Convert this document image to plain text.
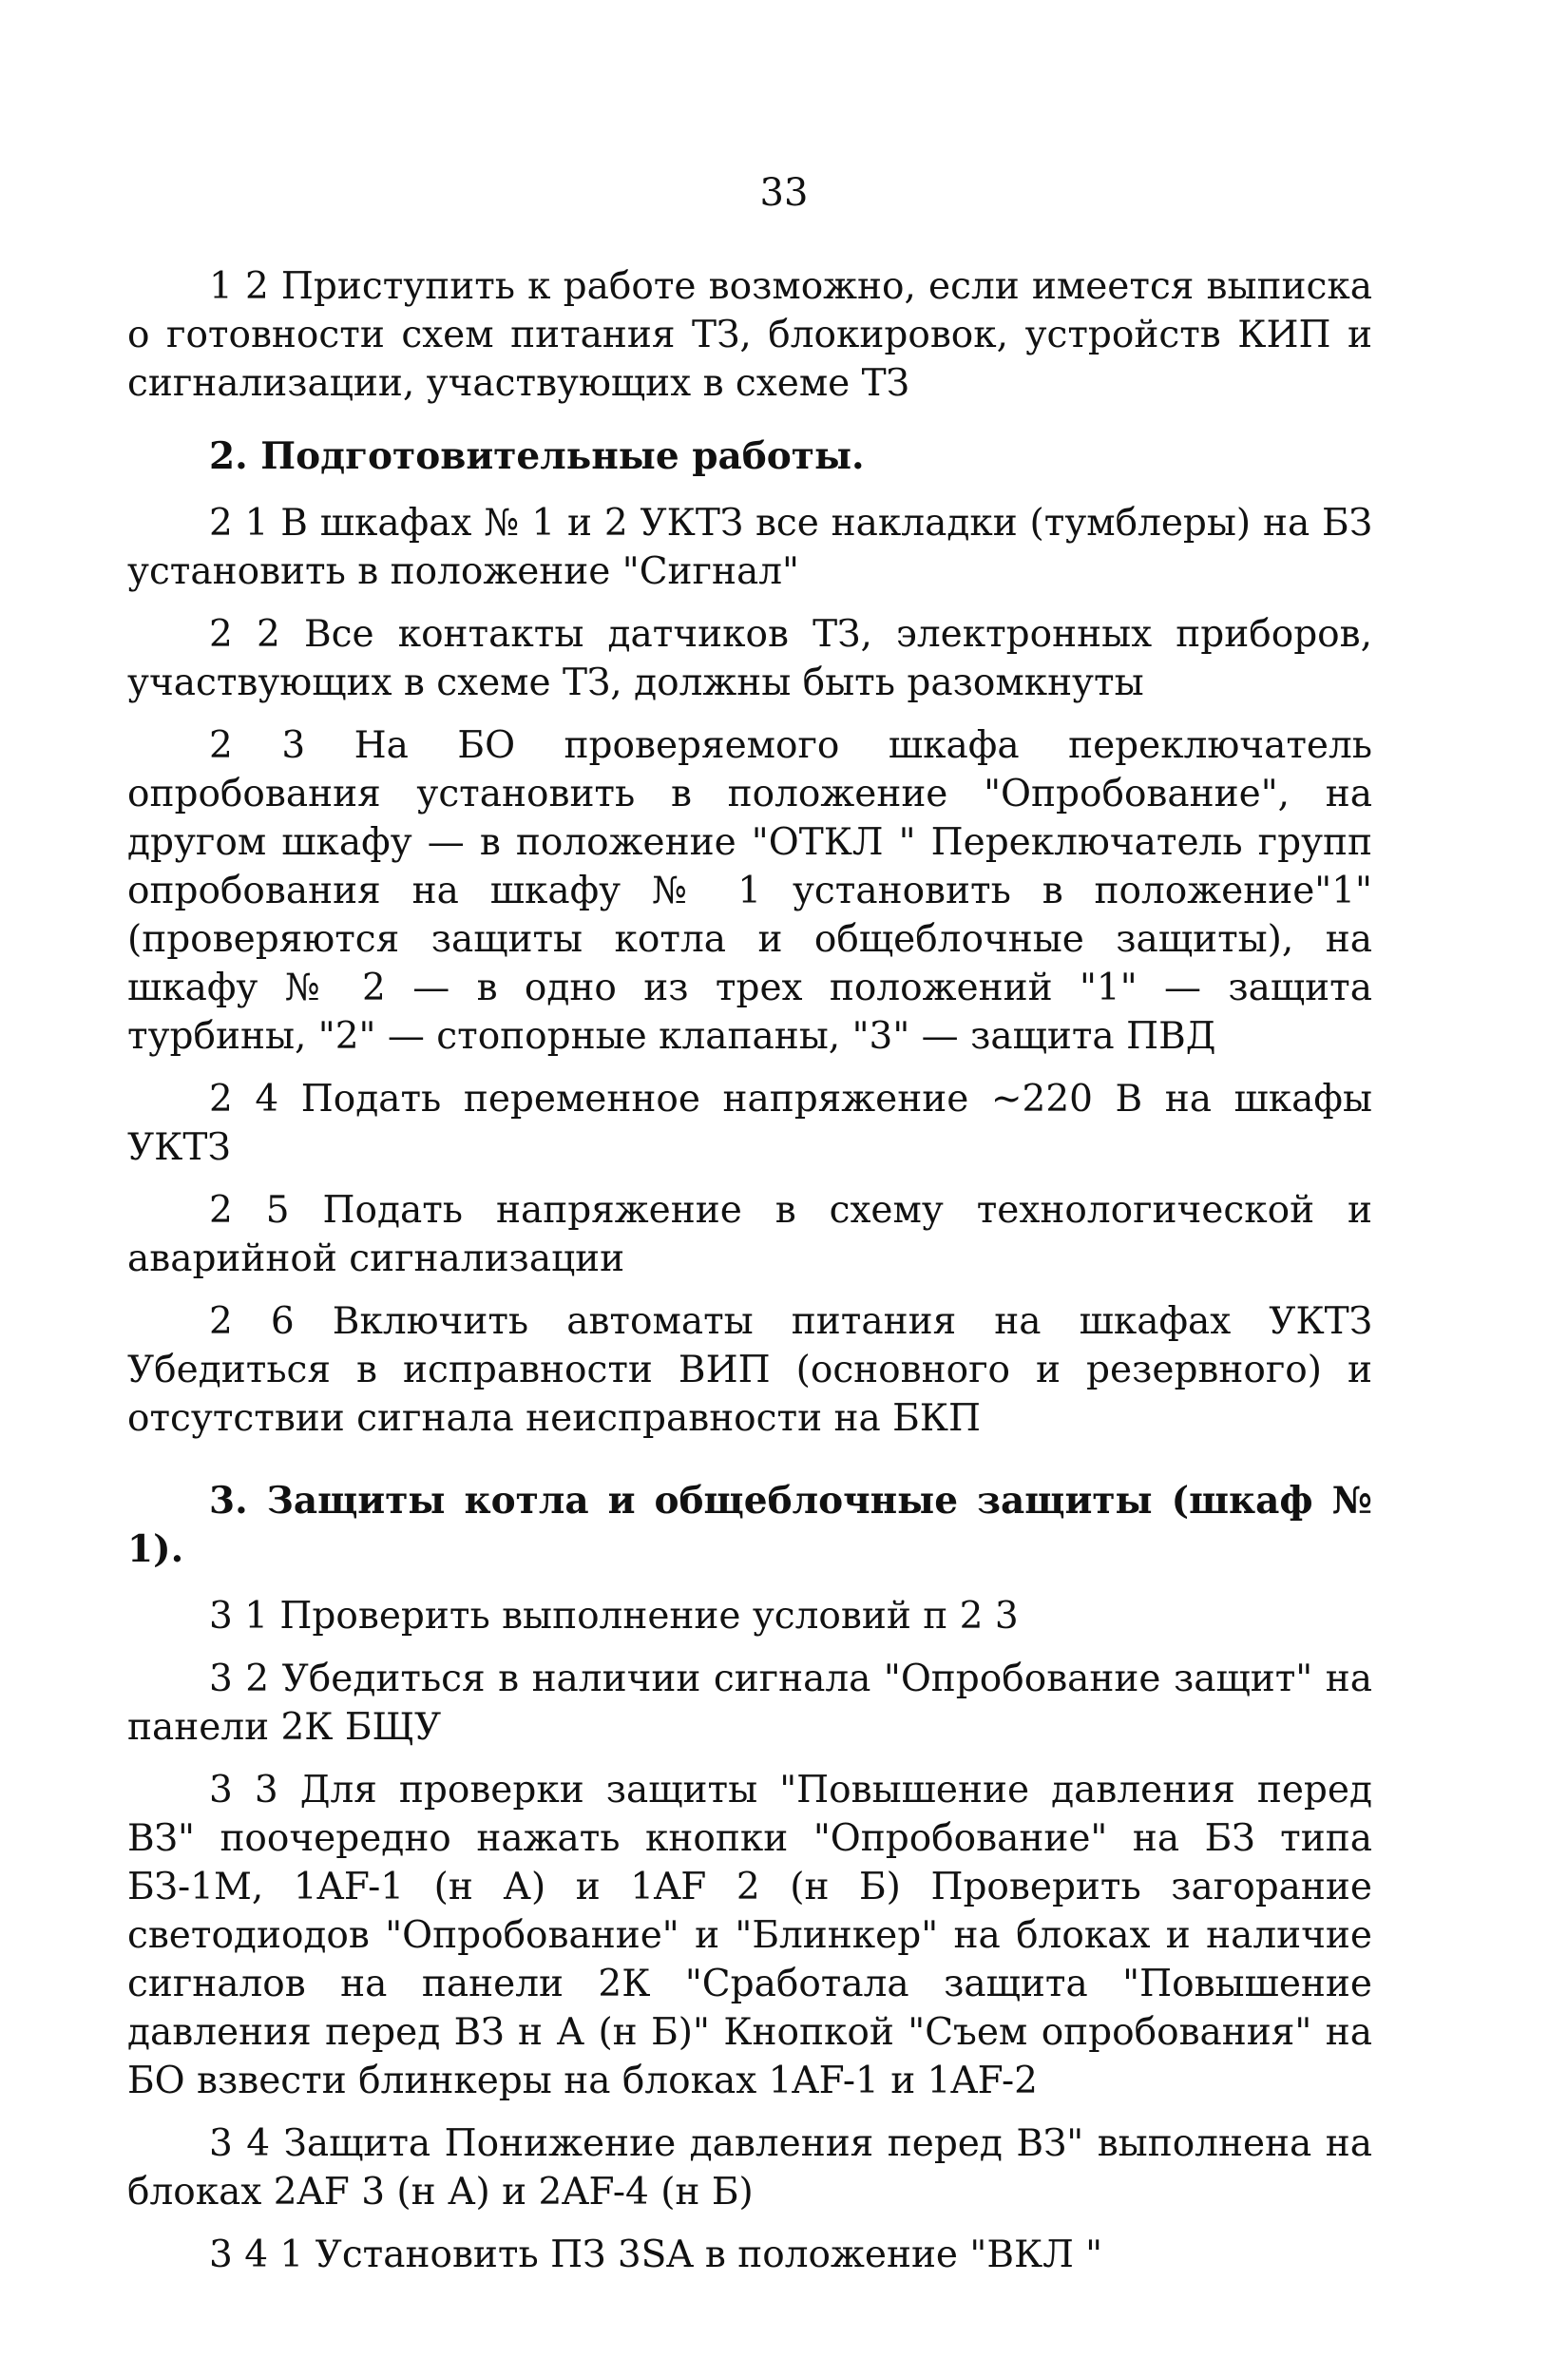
33

1 2 Приступить к работе возможно, если имеется выписка о готовности схем питания ТЗ, блокировок, устройств КИП и сигнализации, участвующих в схеме ТЗ

2. Подготовительные работы.

2 1 В шкафах № 1 и 2 УКТЗ все накладки (тумблеры) на БЗ установить в положение "Сигнал"

2 2 Все контакты датчиков ТЗ, электронных приборов, участвующих в схеме ТЗ, должны быть разомкнуты

2 3 На БО проверяемого шкафа переключатель опробования установить в положение "Опробование", на другом шкафу — в положение "ОТКЛ " Переключатель групп опробования на шкафу № 1 установить в положение"1" (проверяются защиты котла и общеблочные защиты), на шкафу № 2 — в одно из трех положений "1" — защита турбины, "2" — стопорные клапаны, "3" — защита ПВД

2 4 Подать переменное напряжение ~220 В на шкафы УКТЗ

2 5 Подать напряжение в схему технологической и аварийной сигнализации

2 6 Включить автоматы питания на шкафах УКТЗ Убедиться в исправности ВИП (основного и резервного) и отсутствии сигнала неисправности на БКП

3. Защиты котла и общеблочные защиты (шкаф № 1).

3 1 Проверить выполнение условий п 2 3

3 2 Убедиться в наличии сигнала "Опробование защит" на панели 2К БЩУ

3 3 Для проверки защиты "Повышение давления перед ВЗ" поочередно нажать кнопки "Опробование" на БЗ типа БЗ-1М, 1AF-1 (н А) и 1AF 2 (н Б) Проверить загорание светодиодов "Опробование" и "Блинкер" на блоках и наличие сигналов на панели 2К "Сработала защита "Повышение давления перед ВЗ н А (н Б)" Кнопкой "Съем опробования" на БО взвести блинкеры на блоках 1AF-1 и 1AF-2

3 4 Защита Понижение давления перед ВЗ" выполнена на блоках 2AF 3 (н А) и 2AF-4 (н Б)

3 4 1 Установить ПЗ 3SA в положение "ВКЛ "
